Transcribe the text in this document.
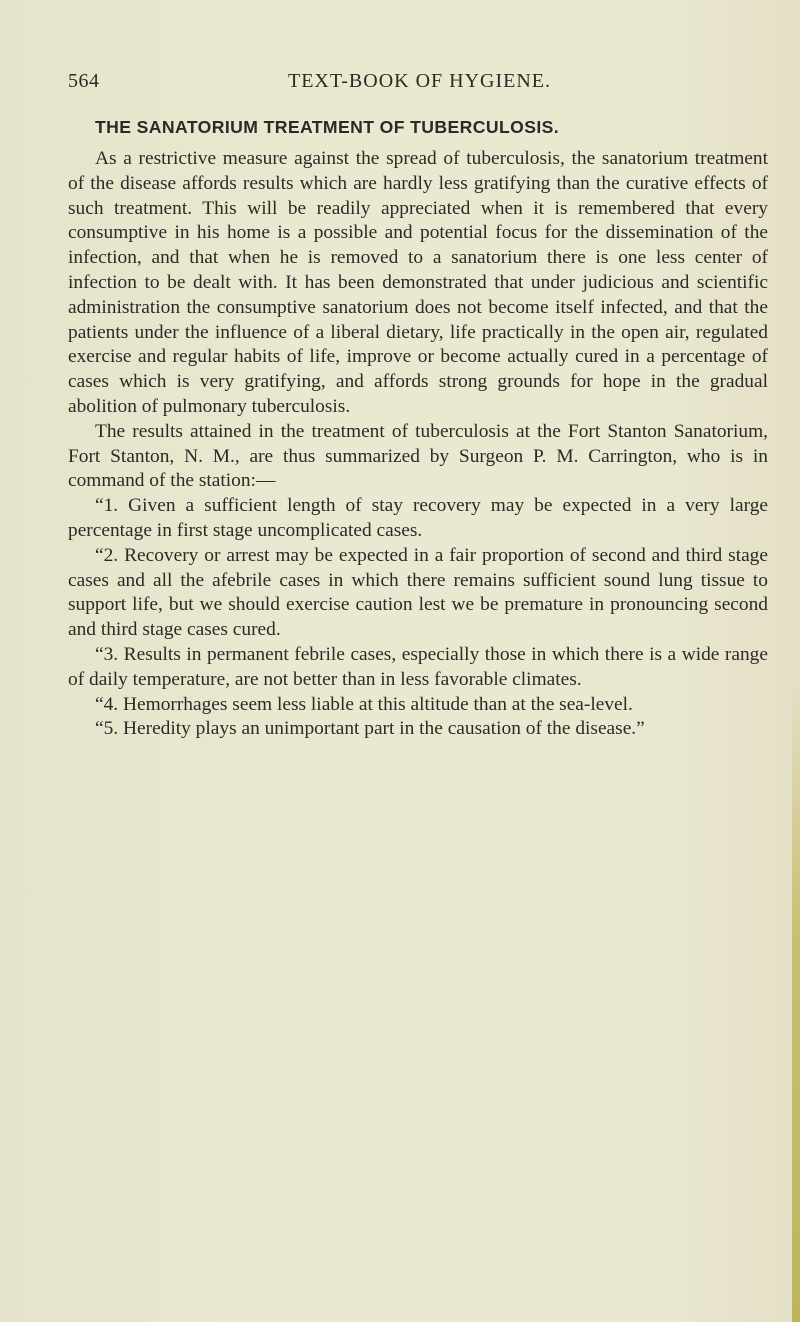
564	TEXT-BOOK OF HYGIENE.
THE SANATORIUM TREATMENT OF TUBERCULOSIS.

As a restrictive measure against the spread of tuberculosis, the sanatorium treatment of the disease affords results which are hardly less gratifying than the curative effects of such treatment. This will be readily appreciated when it is remembered that every consumptive in his home is a possible and potential focus for the dissemination of the infection, and that when he is removed to a sanatorium there is one less center of infection to be dealt with. It has been demonstrated that under judicious and scientific administration the consumptive sanatorium does not become itself infected, and that the patients under the influence of a liberal dietary, life practically in the open air, regulated exercise and regular habits of life, improve or become actually cured in a percentage of cases which is very gratifying, and affords strong grounds for hope in the gradual abolition of pulmonary tuberculosis.

The results attained in the treatment of tuberculosis at the Fort Stanton Sanatorium, Fort Stanton, N. M., are thus summarized by Surgeon P. M. Carrington, who is in command of the station:—

“1. Given a sufficient length of stay recovery may be expected in a very large percentage in first stage uncomplicated cases.

“2. Recovery or arrest may be expected in a fair proportion of second and third stage cases and all the afebrile cases in which there remains sufficient sound lung tissue to support life, but we should exercise caution lest we be premature in pronouncing second and third stage cases cured.

“3. Results in permanent febrile cases, especially those in which there is a wide range of daily temperature, are not better than in less favorable climates.

“4. Hemorrhages seem less liable at this altitude than at the sea-level.

“5. Heredity plays an unimportant part in the causation of the disease.”
